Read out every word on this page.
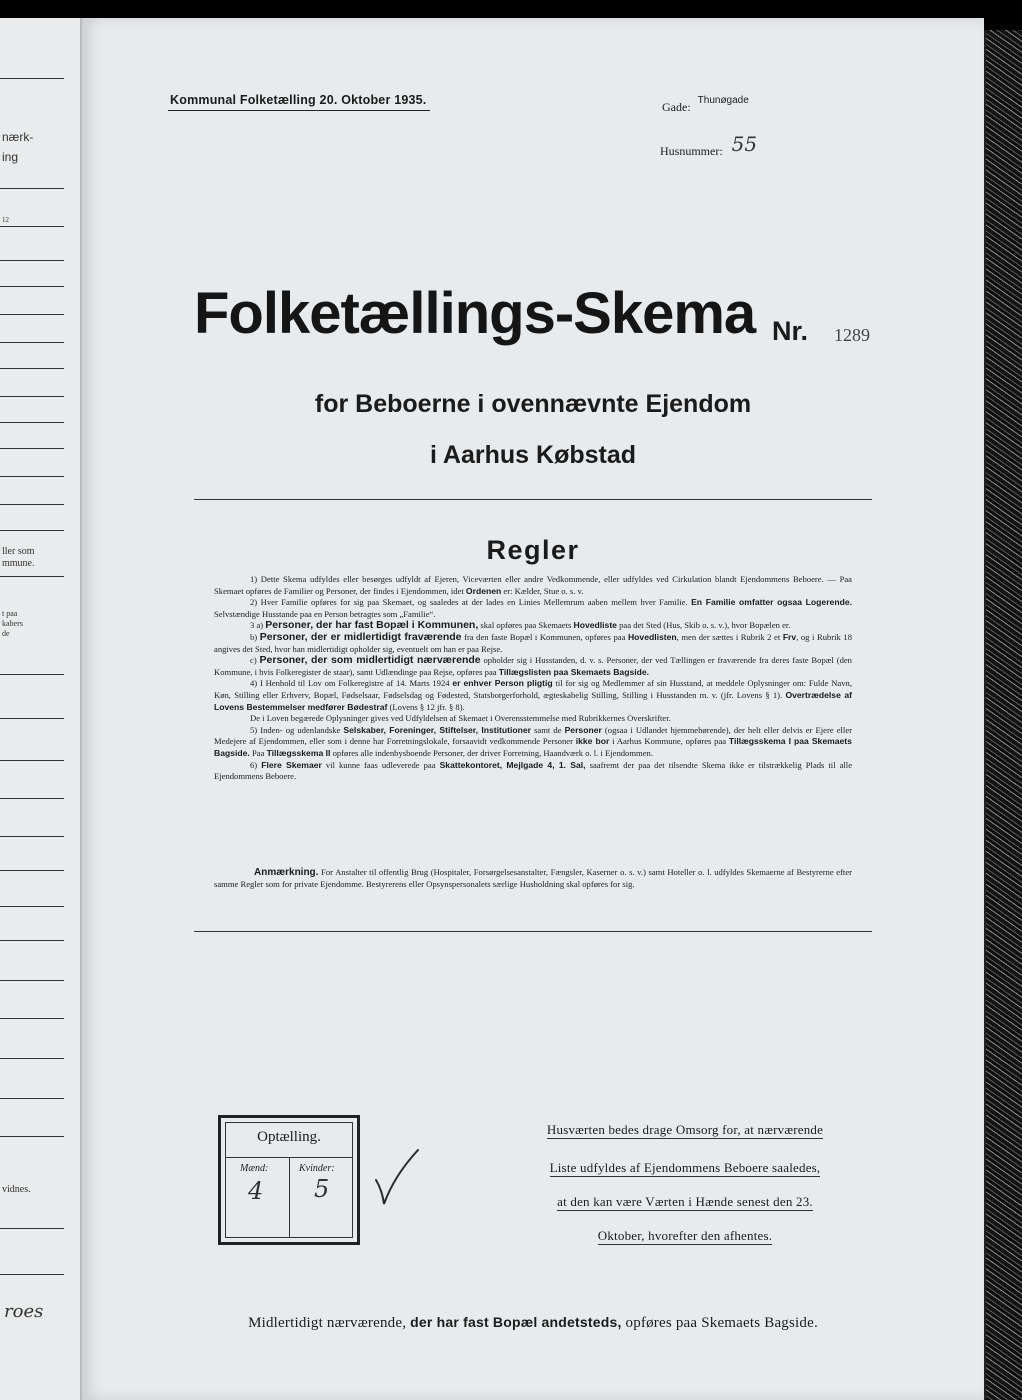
nærk-
ing
12
ller som
mmune.
t paa
kabers
de
vidnes.
roes
Kommunal Folketælling 20. Oktober 1935.	Gade: $^{Thunøgade}$
Husnummer: 55
Folketællings-Skema Nr. 1289
for Beboerne i ovennævnte Ejendom
i Aarhus Købstad
Regler

1) Dette Skema udfyldes eller besørges udfyldt af Ejeren, Viceværten eller andre Vedkommende, eller udfyldes ved Cirkulation blandt Ejendommens Beboere. — Paa Skemaet opføres de Familier og Personer, der findes i Ejendommen, idet Ordenen er: Kælder, Stue o. s. v.

2) Hver Familie opføres for sig paa Skemaet, og saaledes at der lades en Linies Mellemrum aaben mellem hver Familie. En Familie omfatter ogsaa Logerende. Selvstændige Husstande paa en Person betragtes som „Familie“.

3 a) Personer, der har fast Bopæl i Kommunen, skal opføres paa Skemaets Hovedliste paa det Sted (Hus, Skib o. s. v.), hvor Bopælen er.

b) Personer, der er midlertidigt fraværende fra den faste Bopæl i Kommunen, opføres paa Hovedlisten, men der sættes i Rubrik 2 et Frv, og i Rubrik 18 angives det Sted, hvor han midlertidigt opholder sig, eventuelt om han er paa Rejse.

c) Personer, der som midlertidigt nærværende opholder sig i Husstanden, d. v. s. Personer, der ved Tællingen er fraværende fra deres faste Bopæl (den Kommune, i hvis Folkeregister de staar), samt Udlændinge paa Rejse, opføres paa Tillægslisten paa Skemaets Bagside.

4) I Henhold til Lov om Folkeregistre af 14. Marts 1924 er enhver Person pligtig til for sig og Medlemmer af sin Husstand, at meddele Oplysninger om: Fulde Navn, Køn, Stilling eller Erhverv, Bopæl, Fødselsaar, Fødselsdag og Fødested, Statsborgerforhold, ægteskabelig Stilling, Stilling i Husstanden m. v. (jfr. Lovens § 1). Overtrædelse af Lovens Bestemmelser medfører Bødestraf (Lovens § 12 jfr. § 8).

De i Loven begærede Oplysninger gives ved Udfyldelsen af Skemaet i Overensstemmelse med Rubrikkernes Overskrifter.

5) Inden- og udenlandske Selskaber, Foreninger, Stiftelser, Institutioner samt de Personer (ogsaa i Udlandet hjemmehørende), der helt eller delvis er Ejere eller Medejere af Ejendommen, eller som i denne har Forretningslokale, forsaavidt vedkommende Personer ikke bor i Aarhus Kommune, opføres paa Tillægsskema I paa Skemaets Bagside. Paa Tillægsskema II opføres alle indenbysboende Personer, der driver Forretning, Haandværk o. l. i Ejendommen.

6) Flere Skemaer vil kunne faas udleverede paa Skattekontoret, Mejlgade 4, 1. Sal, saafremt der paa det tilsendte Skema ikke er tilstrækkelig Plads til alle Ejendommens Beboere.

Anmærkning. For Anstalter til offentlig Brug (Hospitaler, Forsørgelsesanstalter, Fængsler, Kaserner o. s. v.) samt Hoteller o. l. udfyldes Skemaerne af Bestyrerne efter samme Regler som for private Ejendomme. Bestyrerens eller Opsynspersonalets særlige Husholdning skal opføres for sig.
Optælling.
Mænd:	Kvinder:
4 5
Husværten bedes drage Omsorg for, at nærværende
Liste udfyldes af Ejendommens Beboere saaledes,
at den kan være Værten i Hænde senest den 23.
Oktober, hvorefter den afhentes.
Midlertidigt nærværende, der har fast Bopæl andetsteds, opføres paa Skemaets Bagside.
